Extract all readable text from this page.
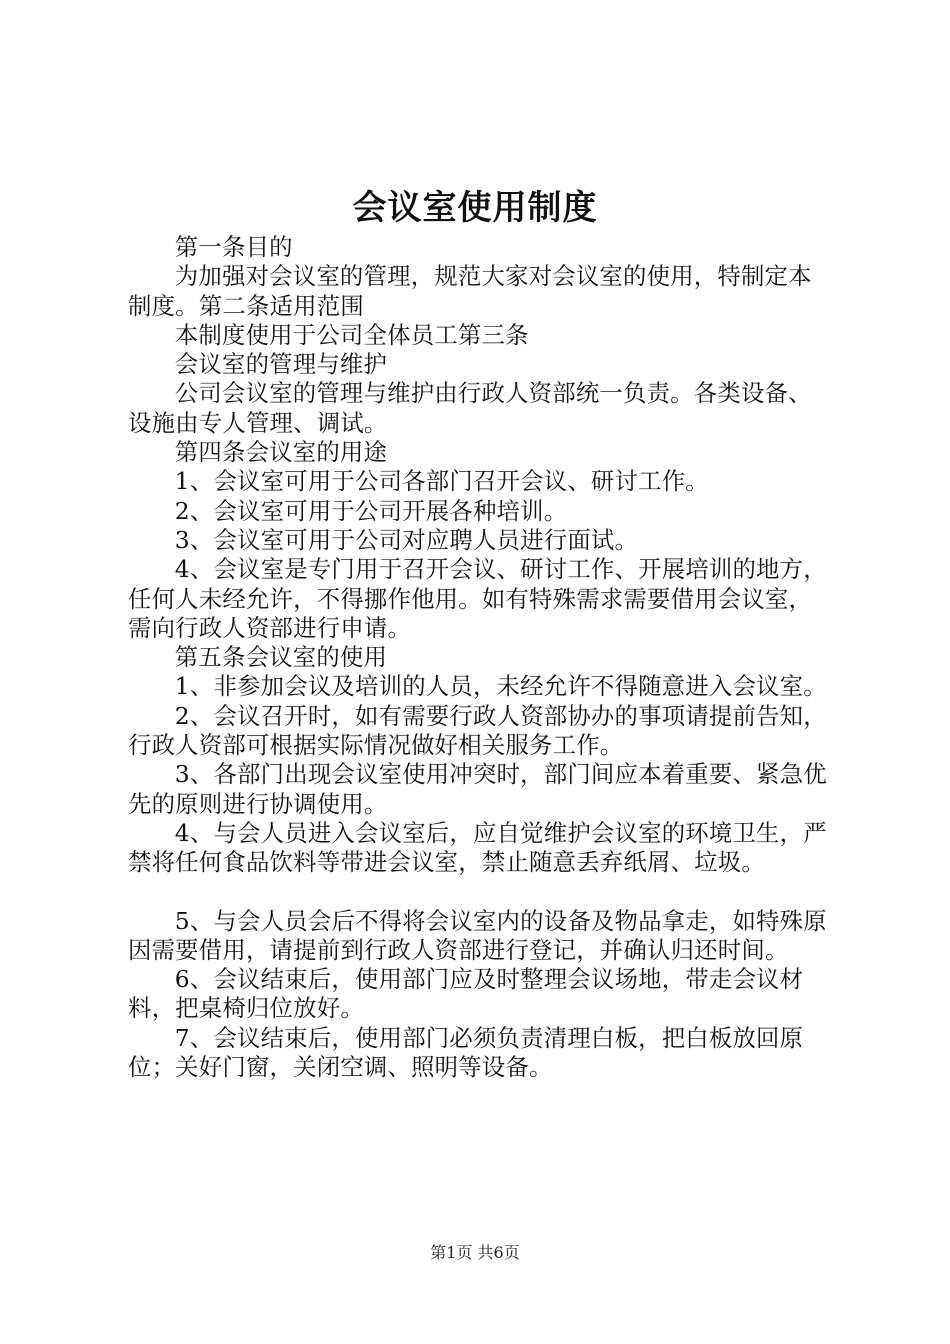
会议室使用制度

第一条目的

为加强对会议室的管理，规范大家对会议室的使用，特制定本制度。第二条适用范围

本制度使用于公司全体员工第三条

会议室的管理与维护

公司会议室的管理与维护由行政人资部统一负责。各类设备、设施由专人管理、调试。

第四条会议室的用途

1、会议室可用于公司各部门召开会议、研讨工作。

2、会议室可用于公司开展各种培训。

3、会议室可用于公司对应聘人员进行面试。

4、会议室是专门用于召开会议、研讨工作、开展培训的地方，任何人未经允许，不得挪作他用。如有特殊需求需要借用会议室，需向行政人资部进行申请。

第五条会议室的使用

1、非参加会议及培训的人员，未经允许不得随意进入会议室。

2、会议召开时，如有需要行政人资部协办的事项请提前告知，行政人资部可根据实际情况做好相关服务工作。

3、各部门出现会议室使用冲突时，部门间应本着重要、紧急优先的原则进行协调使用。

4、与会人员进入会议室后，应自觉维护会议室的环境卫生，严禁将任何食品饮料等带进会议室，禁止随意丢弃纸屑、垃圾。

5、与会人员会后不得将会议室内的设备及物品拿走，如特殊原因需要借用，请提前到行政人资部进行登记，并确认归还时间。

6、会议结束后，使用部门应及时整理会议场地，带走会议材料，把桌椅归位放好。

7、会议结束后，使用部门必须负责清理白板，把白板放回原位；关好门窗，关闭空调、照明等设备。

第1页 共6页
